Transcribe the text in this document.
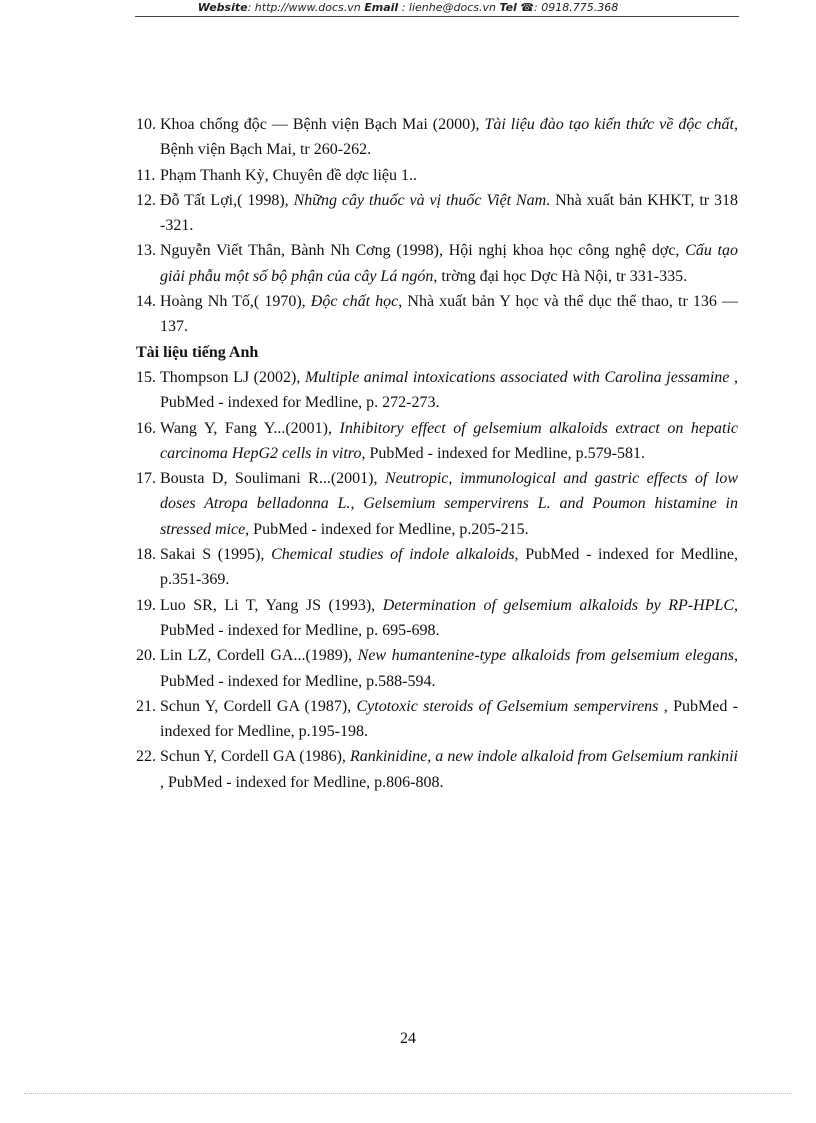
Website: http://www.docs.vn Email : lienhe@docs.vn Tel ☎: 0918.775.368
10. Khoa chống độc — Bệnh viện Bạch Mai (2000), Tài liệu đào tạo kiến thức về độc chất, Bệnh viện Bạch Mai, tr 260-262.
11. Phạm Thanh Kỳ, Chuyên đề dợc liệu 1..
12. Đỗ Tất Lợi,( 1998), Những cây thuốc và vị thuốc Việt Nam. Nhà xuất bản KHKT, tr 318 -321.
13. Nguyễn Viết Thân, Bành Nh Cơng (1998), Hội nghị khoa học công nghệ dợc, Cấu tạo giải phẫu một số bộ phận của cây Lá ngón, trờng đại học Dợc Hà Nội, tr 331-335.
14. Hoàng Nh Tố,( 1970), Độc chất học, Nhà xuất bản Y học và thể dục thể thao, tr 136 —137.
Tài liệu tiếng Anh
15. Thompson LJ (2002), Multiple animal intoxications associated with Carolina jessamine , PubMed - indexed for Medline, p. 272-273.
16. Wang Y, Fang Y...(2001), Inhibitory effect of gelsemium alkaloids extract on hepatic carcinoma HepG2 cells in vitro, PubMed - indexed for Medline, p.579-581.
17. Bousta D, Soulimani R...(2001), Neutropic, immunological and gastric effects of low doses Atropa belladonna L., Gelsemium sempervirens L. and Poumon histamine in stressed mice, PubMed - indexed for Medline, p.205-215.
18. Sakai S (1995), Chemical studies of indole alkaloids, PubMed - indexed for Medline, p.351-369.
19. Luo SR, Li T, Yang JS (1993), Determination of gelsemium alkaloids by RP-HPLC, PubMed - indexed for Medline, p. 695-698.
20. Lin LZ, Cordell GA...(1989), New humantenine-type alkaloids from gelsemium elegans, PubMed - indexed for Medline, p.588-594.
21. Schun Y, Cordell GA (1987), Cytotoxic steroids of Gelsemium sempervirens , PubMed - indexed for Medline, p.195-198.
22. Schun Y, Cordell GA (1986), Rankinidine, a new indole alkaloid from Gelsemium rankinii , PubMed - indexed for Medline, p.806-808.
24
